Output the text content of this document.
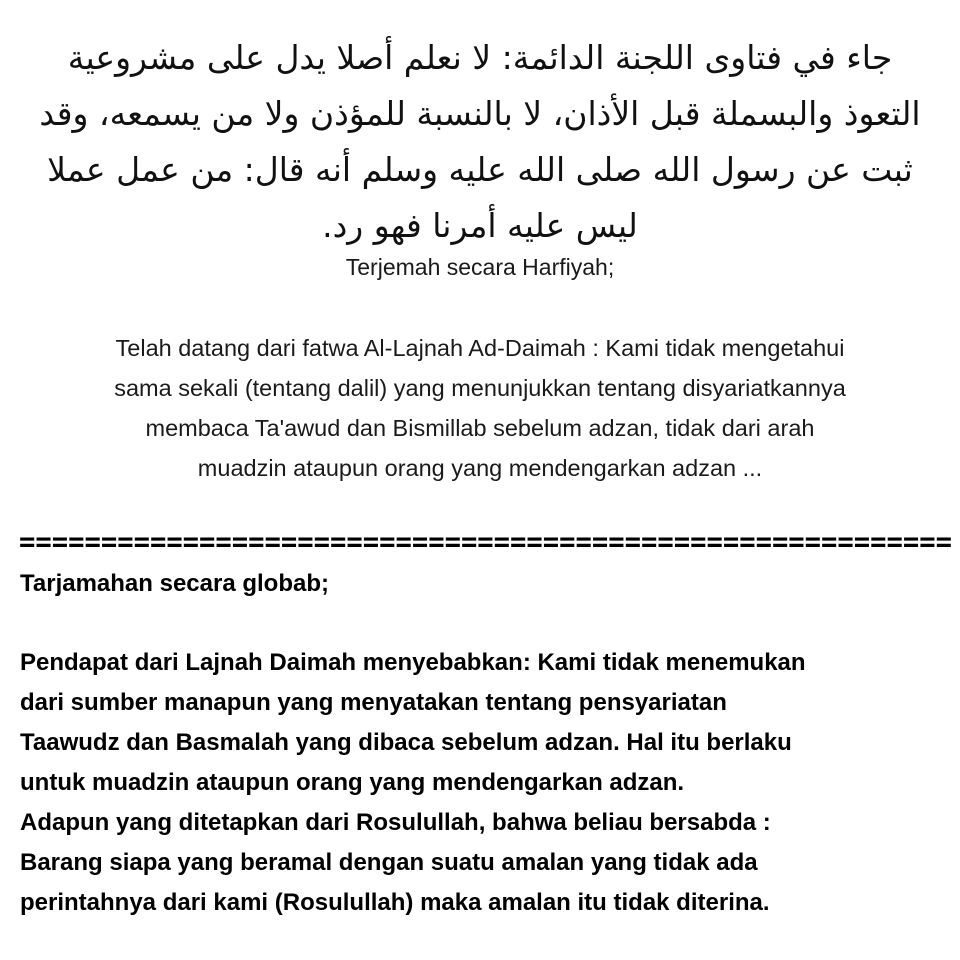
جاء في فتاوى اللجنة الدائمة: لا نعلم أصلا يدل على مشروعية
التعوذ والبسملة قبل الأذان، لا بالنسبة للمؤذن ولا من يسمعه، وقد
ثبت عن رسول الله صلى الله عليه وسلم أنه قال: من عمل عملا
ليس عليه أمرنا فهو رد.
Terjemah secara Harfiyah;
Telah datang dari fatwa Al-Lajnah Ad-Daimah : Kami tidak mengetahui
sama sekali (tentang dalil) yang menunjukkan tentang disyariatkannya
membaca Ta'awud dan Bismillab sebelum adzan, tidak dari arah
muadzin ataupun orang yang mendengarkan adzan ...
=========================================================
Tarjamahan secara globab;
Pendapat dari Lajnah Daimah menyebabkan: Kami tidak menemukan
dari sumber manapun yang menyatakan tentang pensyariatan
Taawudz dan Basmalah yang dibaca sebelum adzan. Hal itu berlaku
untuk muadzin ataupun orang yang mendengarkan adzan.
Adapun yang ditetapkan dari Rosulullah, bahwa beliau bersabda :
Barang siapa yang beramal dengan suatu amalan yang tidak ada
perintahnya dari kami (Rosulullah) maka amalan itu tidak diterina.
